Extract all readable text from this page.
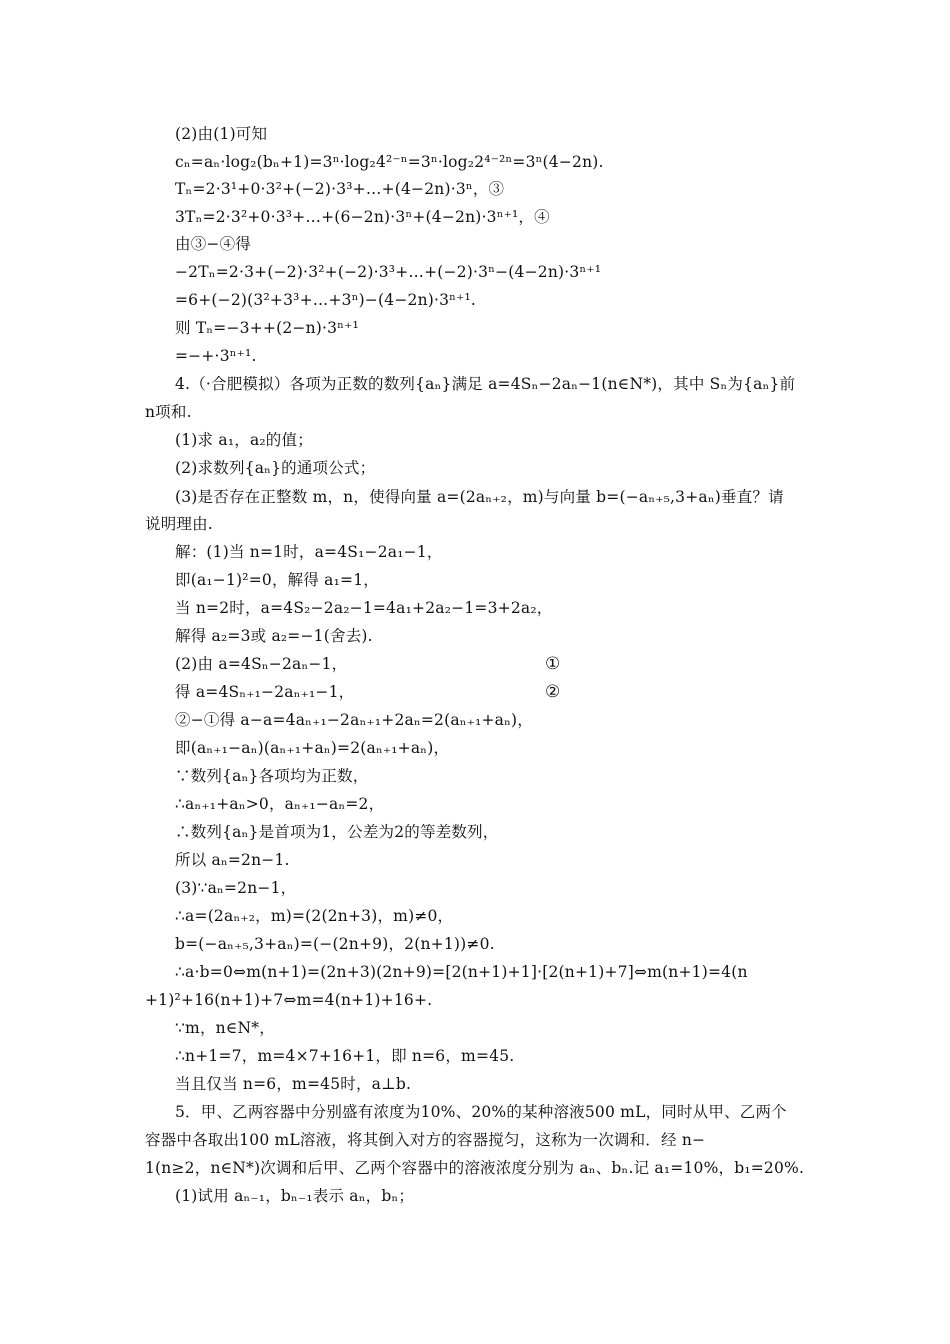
(2)由(1)可知
cₙ=aₙ·log₂(bₙ+1)=3ⁿ·log₂4²⁻ⁿ=3ⁿ·log₂2⁴⁻²ⁿ=3ⁿ(4−2n).
Tₙ=2·3¹+0·3²+(−2)·3³+…+(4−2n)·3ⁿ，③
3Tₙ=2·3²+0·3³+…+(6−2n)·3ⁿ+(4−2n)·3ⁿ⁺¹，④
由③−④得
−2Tₙ=2·3+(−2)·3²+(−2)·3³+…+(−2)·3ⁿ−(4−2n)·3ⁿ⁺¹
=6+(−2)(3²+3³+…+3ⁿ)−(4−2n)·3ⁿ⁺¹.
则 Tₙ=−3++(2−n)·3ⁿ⁺¹
=−+·3ⁿ⁺¹.
4.（·合肥模拟）各项为正数的数列{aₙ}满足 a=4Sₙ−2aₙ−1(n∈N*)，其中 Sₙ为{aₙ}前
n项和.
(1)求 a₁，a₂的值；
(2)求数列{aₙ}的通项公式；
(3)是否存在正整数 m，n，使得向量 a=(2aₙ₊₂，m)与向量 b=(−aₙ₊₅,3+aₙ)垂直？请
说明理由.
解：(1)当 n=1时，a=4S₁−2a₁−1，
即(a₁−1)²=0，解得 a₁=1，
当 n=2时，a=4S₂−2a₂−1=4a₁+2a₂−1=3+2a₂，
解得 a₂=3或 a₂=−1(舍去).
(2)由 a=4Sₙ−2aₙ−1，	①
得 a=4Sₙ₊₁−2aₙ₊₁−1，	②
②−①得 a−a=4aₙ₊₁−2aₙ₊₁+2aₙ=2(aₙ₊₁+aₙ)，
即(aₙ₊₁−aₙ)(aₙ₊₁+aₙ)=2(aₙ₊₁+aₙ)，
∵数列{aₙ}各项均为正数，
∴aₙ₊₁+aₙ>0，aₙ₊₁−aₙ=2，
∴数列{aₙ}是首项为1，公差为2的等差数列，
所以 aₙ=2n−1.
(3)∵aₙ=2n−1，
∴a=(2aₙ₊₂，m)=(2(2n+3)，m)≠0，
b=(−aₙ₊₅,3+aₙ)=(−(2n+9)，2(n+1))≠0.
∴a·b=0⇔m(n+1)=(2n+3)(2n+9)=[2(n+1)+1]·[2(n+1)+7]⇔m(n+1)=4(n
+1)²+16(n+1)+7⇔m=4(n+1)+16+.
∵m，n∈N*，
∴n+1=7，m=4×7+16+1，即 n=6，m=45.
当且仅当 n=6，m=45时，a⊥b.
5．甲、乙两容器中分别盛有浓度为10%、20%的某种溶液500 mL，同时从甲、乙两个
容器中各取出100 mL溶液，将其倒入对方的容器搅匀，这称为一次调和．经 n−
1(n≥2，n∈N*)次调和后甲、乙两个容器中的溶液浓度分别为 aₙ、bₙ.记 a₁=10%，b₁=20%.
(1)试用 aₙ₋₁，bₙ₋₁表示 aₙ，bₙ；
